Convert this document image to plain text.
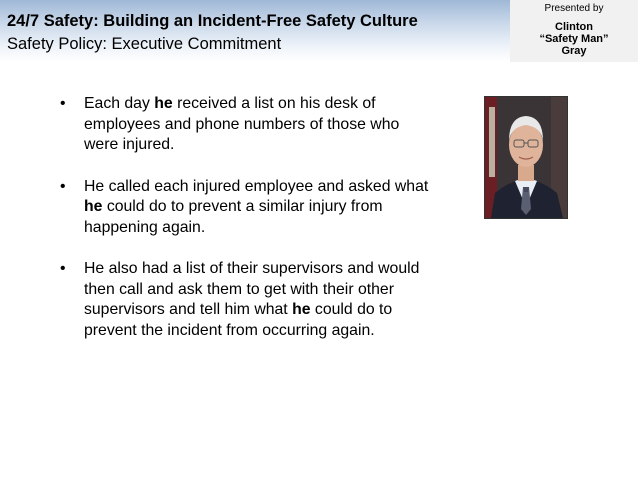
24/7 Safety: Building an Incident-Free Safety Culture
Safety Policy: Executive Commitment
Presented by
Clinton
“Safety Man”
Gray
• Each day he received a list on his desk of employees and phone numbers of those who were injured.
• He called each injured employee and asked what he could do to prevent a similar injury from happening again.
• He also had a list of their supervisors and would then call and ask them to get with their other supervisors and tell him what he could do to prevent the incident from occurring again.
